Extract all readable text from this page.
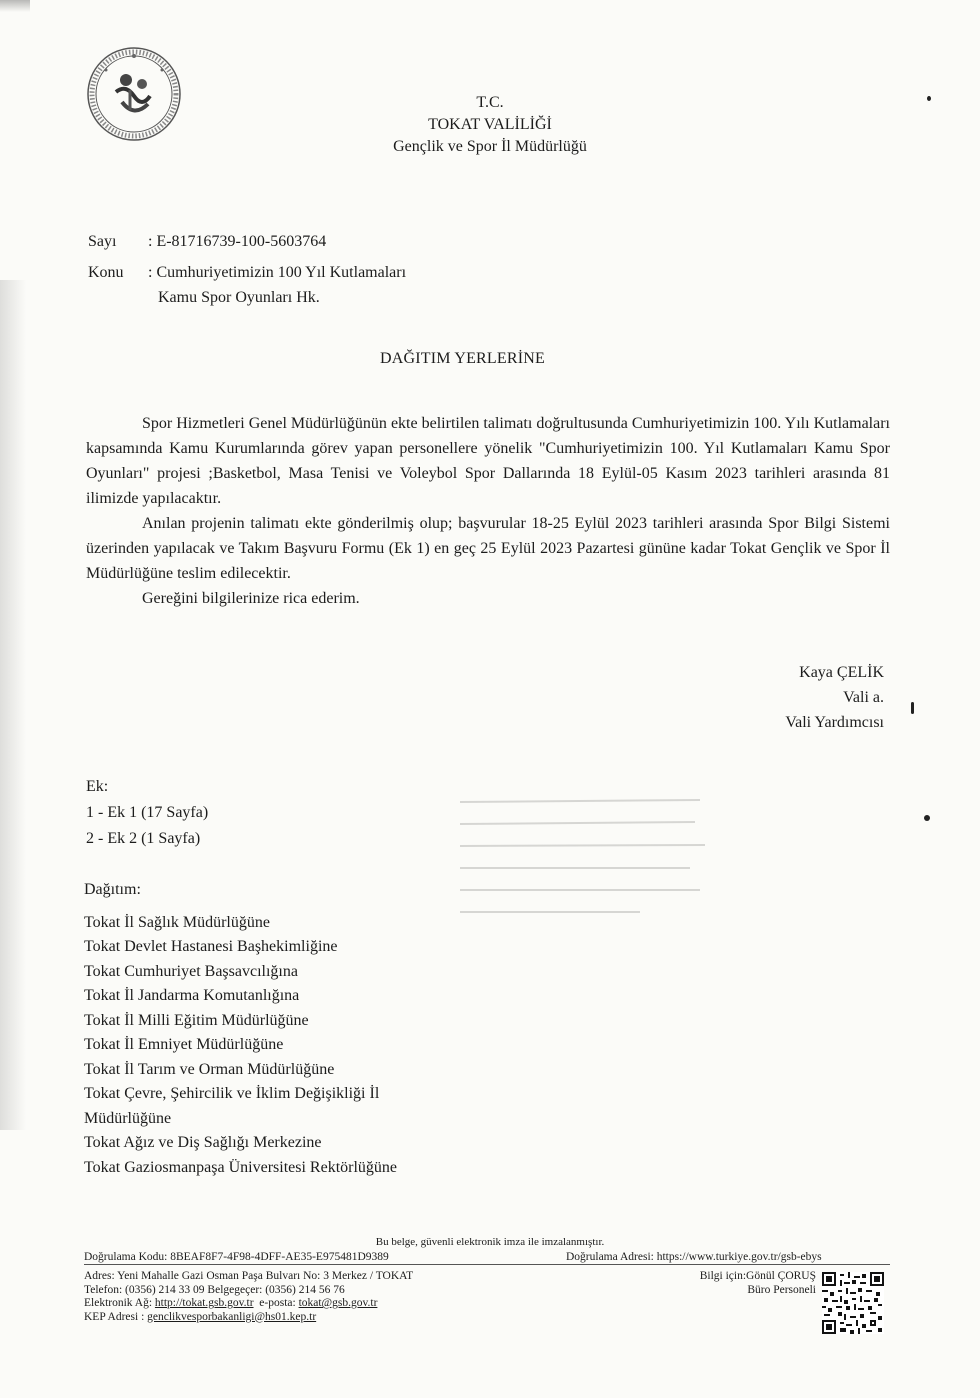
T.C.
TOKAT VALİLİĞİ
Gençlik ve Spor İl Müdürlüğü
Sayı : E-81716739-100-5603764
Konu : Cumhuriyetimizin 100 Yıl Kutlamaları
Kamu Spor Oyunları Hk.
DAĞITIM YERLERİNE

Spor Hizmetleri Genel Müdürlüğünün ekte belirtilen talimatı doğrultusunda Cumhuriyetimizin 100. Yılı Kutlamaları kapsamında Kamu Kurumlarında görev yapan personellere yönelik "Cumhuriyetimizin 100. Yıl Kutlamaları Kamu Spor Oyunları" projesi ;Basketbol, Masa Tenisi ve Voleybol Spor Dallarında 18 Eylül-05 Kasım 2023 tarihleri arasında 81 ilimizde yapılacaktır.

Anılan projenin talimatı ekte gönderilmiş olup; başvurular 18-25 Eylül 2023 tarihleri arasında Spor Bilgi Sistemi üzerinden yapılacak ve Takım Başvuru Formu (Ek 1) en geç 25 Eylül 2023 Pazartesi gününe kadar Tokat Gençlik ve Spor İl Müdürlüğüne teslim edilecektir.

Gereğini bilgilerinize rica ederim.

Kaya ÇELİK
Vali a.
Vali Yardımcısı
Ek:
1 - Ek 1 (17 Sayfa)
2 - Ek 2 (1 Sayfa)
Dağıtım:
Tokat İl Sağlık Müdürlüğüne
Tokat Devlet Hastanesi Başhekimliğine
Tokat Cumhuriyet Başsavcılığına
Tokat İl Jandarma Komutanlığına
Tokat İl Milli Eğitim Müdürlüğüne
Tokat İl Emniyet Müdürlüğüne
Tokat İl Tarım ve Orman Müdürlüğüne
Tokat Çevre, Şehircilik ve İklim Değişikliği İl Müdürlüğüne
Tokat Ağız ve Diş Sağlığı Merkezine
Tokat Gaziosmanpaşa Üniversitesi Rektörlüğüne
Bu belge, güvenli elektronik imza ile imzalanmıştır.
Doğrulama Kodu: 8BEAF8F7-4F98-4DFF-AE35-E975481D9389	Doğrulama Adresi: https://www.turkiye.gov.tr/gsb-ebys
Adres: Yeni Mahalle Gazi Osman Paşa Bulvarı No: 3 Merkez / TOKAT
Telefon: (0356) 214 33 09 Belgegeçer: (0356) 214 56 76
Elektronik Ağ: http://tokat.gsb.gov.tr  e-posta: tokat@gsb.gov.tr
KEP Adresi : genclikvesporbakanligi@hs01.kep.tr
Bilgi için:Gönül ÇORUŞ
Büro Personeli
